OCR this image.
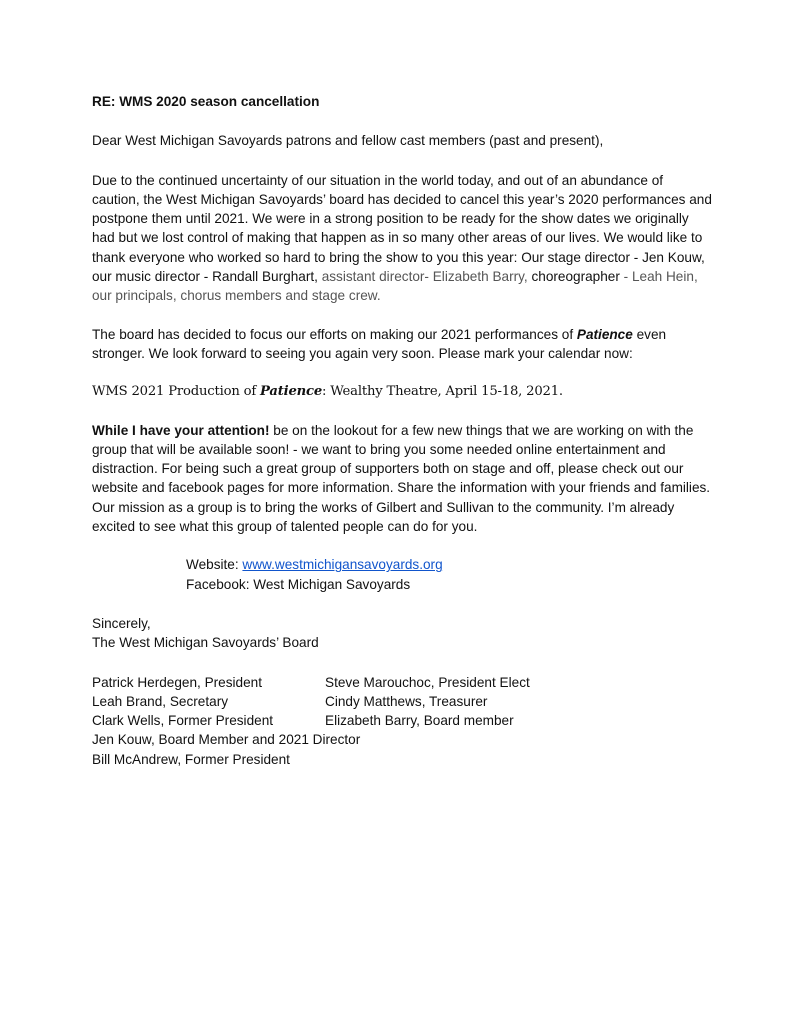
RE: WMS 2020 season cancellation

Dear West Michigan Savoyards patrons and fellow cast members (past and present),

Due to the continued uncertainty of our situation in the world today, and out of an abundance of caution, the West Michigan Savoyards’ board has decided to cancel this year’s 2020 performances and postpone them until 2021. We were in a strong position to be ready for the show dates we originally had but we lost control of making that happen as in so many other areas of our lives. We would like to thank everyone who worked so hard to bring the show to you this year: Our stage director - Jen Kouw, our music director - Randall Burghart, assistant director- Elizabeth Barry, choreographer - Leah Hein, our principals, chorus members and stage crew.

The board has decided to focus our efforts on making our 2021 performances of Patience even stronger. We look forward to seeing you again very soon. Please mark your calendar now:

WMS 2021 Production of Patience: Wealthy Theatre, April 15-18, 2021.

While I have your attention! be on the lookout for a few new things that we are working on with the group that will be available soon! - we want to bring you some needed online entertainment and distraction. For being such a great group of supporters both on stage and off, please check out our website and facebook pages for more information. Share the information with your friends and families. Our mission as a group is to bring the works of Gilbert and Sullivan to the community. I’m already excited to see what this group of talented people can do for you.

Website: www.westmichigansavoyards.org
Facebook: West Michigan Savoyards
Sincerely,
The West Michigan Savoyards’ Board
Patrick Herdegen, President	Steve Marouchoc, President Elect
Leah Brand, Secretary	Cindy Matthews, Treasurer
Clark Wells, Former President	Elizabeth Barry, Board member
Jen Kouw, Board Member and 2021 Director
Bill McAndrew, Former President
